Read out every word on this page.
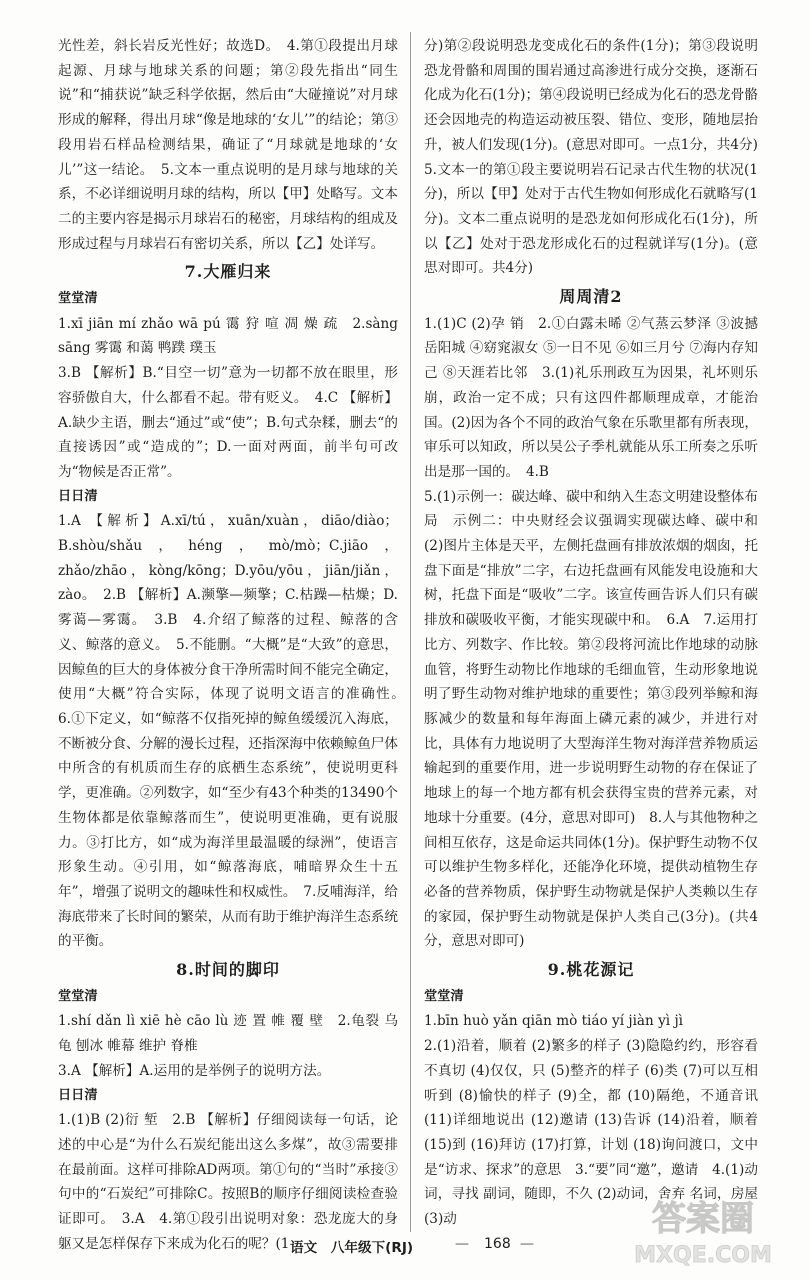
光性差，斜长岩反光性好；故选D。　4.第①段提出月球起源、月球与地球关系的问题；第②段先指出“同生说”和“捕获说”缺乏科学依据，然后由“大碰撞说”对月球形成的解释，得出月球“像是地球的‘女儿’”的结论；第③段用岩石样品检测结果，确证了“月球就是地球的‘女儿’”这一结论。　5.文本一重点说明的是月球与地球的关系，不必详细说明月球的结构，所以【甲】处略写。文本二的主要内容是揭示月球岩石的秘密，月球结构的组成及形成过程与月球岩石有密切关系，所以【乙】处详写。

7.大雁归来

堂堂清

1.xī jiān mí zhǎo wā pú 霭 狩 喧 凋 燥 疏　2.sàng sāng 雾霭 和蔼 鸭蹼 璞玉

3.B 【解析】B.“目空一切”意为一切都不放在眼里，形容骄傲自大，什么都看不起。带有贬义。　4.C 【解析】A.缺少主语，删去“通过”或“使”；B.句式杂糅，删去“的直接诱因”或“造成的”；D.一面对两面，前半句可改为“物候是否正常”。

日日清

1.A 【解析】A.xī/tú，xuān/xuàn，diāo/diào；B.shòu/shǎu，héng，mò/mò；C.jiāo，zhǎo/zhāo，kòng/kōng；D.yōu/yōu，jiān/jiǎn，zào。　2.B 【解析】A.濒擎—频擎；C.枯躁—枯燥；D.雾蔼—雾霭。　3.B　4.介绍了鲸落的过程、鲸落的含义、鲸落的意义。　5.不能删。“大概”是“大致”的意思，因鲸鱼的巨大的身体被分食干净所需时间不能完全确定，使用“大概”符合实际，体现了说明文语言的准确性。　6.①下定义，如“鲸落不仅指死掉的鲸鱼缓缓沉入海底，不断被分食、分解的漫长过程，还指深海中依赖鲸鱼尸体中所含的有机质而生存的底栖生态系统”，使说明更科学，更准确。②列数字，如“至少有43个种类的13490个生物体都是依靠鲸落而生”，使说明更准确，更有说服力。③打比方，如“成为海洋里最温暖的绿洲”，使语言形象生动。④引用，如“鲸落海底，哺暗界众生十五年”，增强了说明文的趣味性和权威性。　7.反哺海洋，给海底带来了长时间的繁荣，从而有助于维护海洋生态系统的平衡。

8.时间的脚印

堂堂清

1.shí dǎn lì xiē hè cāo lù 迹 置 帷 覆 壁　2.龟裂 乌龟 刨冰 帷幕 维护 脊椎

3.A 【解析】A.运用的是举例子的说明方法。

日日清

1.(1)B (2)衍 堑　2.B 【解析】仔细阅读每一句话，论述的中心是“为什么石炭纪能出这么多煤”，故③需要排在最前面。这样可排除AD两项。第①句的“当时”承接③句中的“石炭纪”可排除C。按照B的顺序仔细阅读检查验证即可。　3.A　4.第①段引出说明对象：恐龙庞大的身躯又是怎样保存下来成为化石的呢？(1

分)第②段说明恐龙变成化石的条件(1分)；第③段说明恐龙骨骼和周围的围岩通过高渗进行成分交换，逐渐石化成为化石(1分)；第④段说明已经成为化石的恐龙骨骼还会因地壳的构造运动被压裂、错位、变形，随地层抬升，被人们发现(1分)。(意思对即可。一点1分，共4分)　5.文本一的第①段主要说明岩石记录古代生物的状况(1分)，所以【甲】处对于古代生物如何形成化石就略写(1分)。文本二重点说明的是恐龙如何形成化石(1分)，所以【乙】处对于恐龙形成化石的过程就详写(1分)。(意思对即可。共4分)

周周清2

1.(1)C (2)孕 销　2.①白露未晞 ②气蒸云梦泽 ③波撼岳阳城 ④窈窕淑女 ⑤一日不见 ⑥如三月兮 ⑦海内存知己 ⑧天涯若比邻　3.(1)礼乐刑政互为因果，礼坏则乐崩，政治一定不成；只有这四件都顺理成章，才能治国。(2)因为各个不同的政治气象在乐歌里都有所表现，审乐可以知政，所以吴公子季札就能从乐工所奏之乐听出是那一国的。　4.B

5.(1)示例一：碳达峰、碳中和纳入生态文明建设整体布局　示例二：中央财经会议强调实现碳达峰、碳中和　(2)图片主体是天平，左侧托盘画有排放浓烟的烟囱，托盘下面是“排放”二字，右边托盘画有风能发电设施和大树，托盘下面是“吸收”二字。该宣传画告诉人们只有碳排放和碳吸收平衡，才能实现碳中和。　6.A　7.运用打比方、列数字、作比较。第②段将河流比作地球的动脉血管，将野生动物比作地球的毛细血管，生动形象地说明了野生动物对维护地球的重要性；第③段列举鲸和海豚减少的数量和每年海面上磷元素的减少，并进行对比，具体有力地说明了大型海洋生物对海洋营养物质运输起到的重要作用，进一步说明野生动物的存在保证了地球上的每一个地方都有机会获得宝贵的营养元素，对地球十分重要。(4分，意思对即可)　8.人与其他物种之间相互依存，这是命运共同体(1分)。保护野生动物不仅可以维护生物多样化，还能净化环境，提供动植物生存必备的营养物质，保护野生动物就是保护人类赖以生存的家园，保护野生动物就是保护人类自己(3分)。(共4分，意思对即可)

9.桃花源记

堂堂清

1.bīn huò yǎn qiān mò tiáo yí jiàn yì jì

2.(1)沿着，顺着 (2)繁多的样子 (3)隐隐约约，形容看不真切 (4)仅仅，只 (5)整齐的样子 (6)类 (7)可以互相听到 (8)愉快的样子 (9)全，都 (10)隔绝，不通音讯 (11)详细地说出 (12)邀请 (13)告诉 (14)沿着，顺着 (15)到 (16)拜访 (17)打算，计划 (18)询问渡口，文中是“访求、探求”的意思　3.“要”同“邀”，邀请　4.(1)动词，寻找 副词，随即，不久 (2)动词，舍弃 名词，房屋 (3)动

语文　八年级下(RJ)	— 168 —
答案圈
MXQE.COM
